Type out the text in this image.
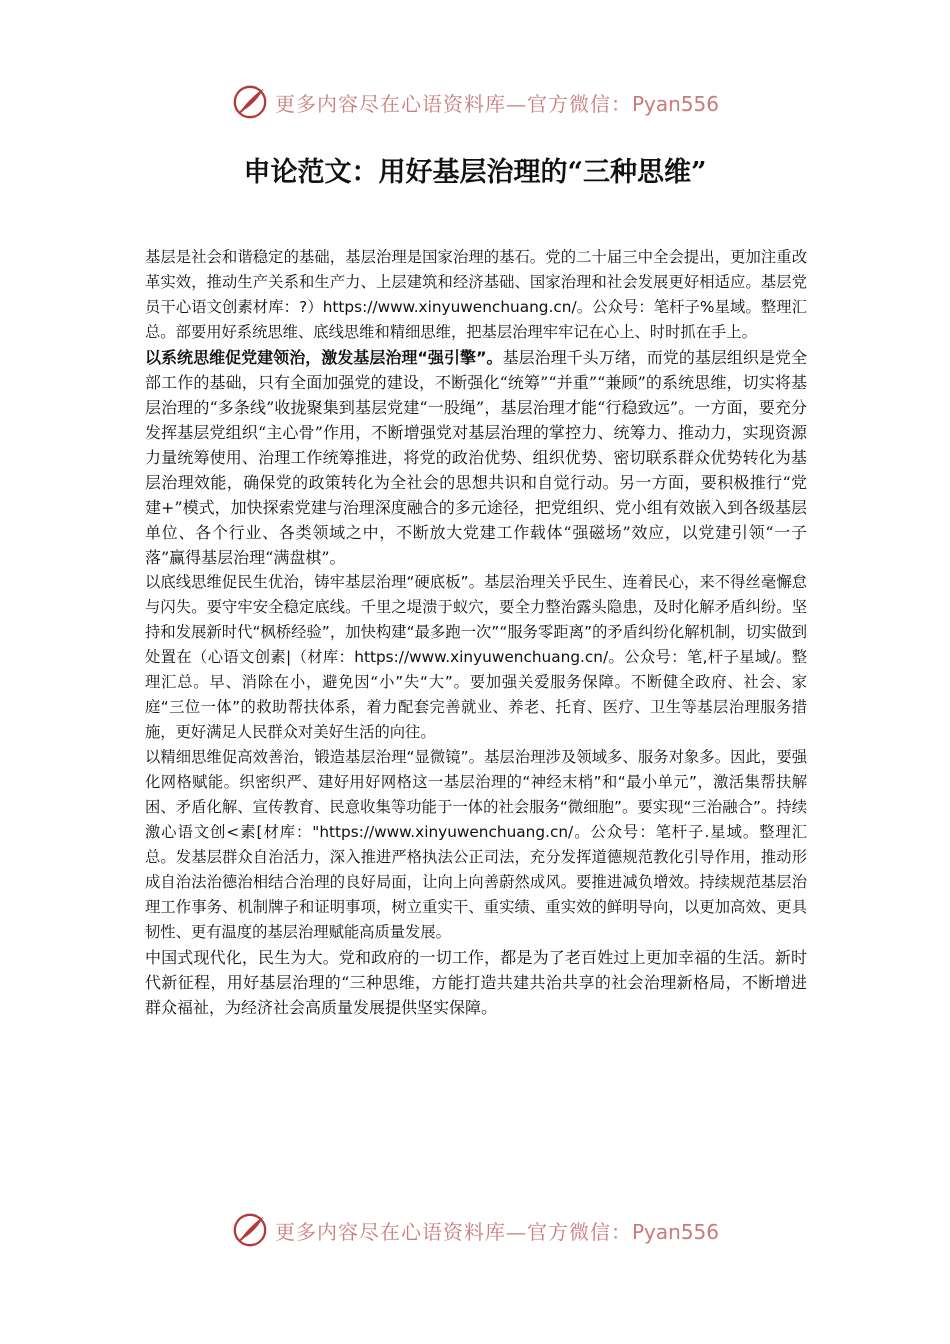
更多内容尽在心语资料库—官方微信：Pyan556
申论范文：用好基层治理的“三种思维”

基层是社会和谐稳定的基础，基层治理是国家治理的基石。党的二十届三中全会提出，更加注重改革实效，推动生产关系和生产力、上层建筑和经济基础、国家治理和社会发展更好相适应。基层党员干心语文创素材库：?）https://www.xinyuwenchuang.cn/。公众号：笔杆子%星域。整理汇总。部要用好系统思维、底线思维和精细思维，把基层治理牢牢记在心上、时时抓在手上。

以系统思维促党建领治，激发基层治理“强引擎”。基层治理千头万绪，而党的基层组织是党全部工作的基础，只有全面加强党的建设，不断强化“统筹”“并重”“兼顾”的系统思维，切实将基层治理的“多条线”收拢聚集到基层党建“一股绳”，基层治理才能“行稳致远”。一方面，要充分发挥基层党组织“主心骨”作用，不断增强党对基层治理的掌控力、统筹力、推动力，实现资源力量统筹使用、治理工作统筹推进，将党的政治优势、组织优势、密切联系群众优势转化为基层治理效能，确保党的政策转化为全社会的思想共识和自觉行动。另一方面，要积极推行“党建+”模式，加快探索党建与治理深度融合的多元途径，把党组织、党小组有效嵌入到各级基层单位、各个行业、各类领域之中，不断放大党建工作载体“强磁场”效应，以党建引领“一子落”赢得基层治理“满盘棋”。

以底线思维促民生优治，铸牢基层治理“硬底板”。基层治理关乎民生、连着民心，来不得丝毫懈怠与闪失。要守牢安全稳定底线。千里之堤溃于蚁穴，要全力整治露头隐患，及时化解矛盾纠纷。坚持和发展新时代“枫桥经验”，加快构建“最多跑一次”“服务零距离”的矛盾纠纷化解机制，切实做到处置在（心语文创素|（材库：https://www.xinyuwenchuang.cn/。公众号：笔,杆子星域/。整理汇总。早、消除在小，避免因“小”失“大”。要加强关爱服务保障。不断健全政府、社会、家庭“三位一体”的救助帮扶体系，着力配套完善就业、养老、托育、医疗、卫生等基层治理服务措施，更好满足人民群众对美好生活的向往。

以精细思维促高效善治，锻造基层治理“显微镜”。基层治理涉及领域多、服务对象多。因此，要强化网格赋能。织密织严、建好用好网格这一基层治理的“神经末梢”和“最小单元”，激活集帮扶解困、矛盾化解、宣传教育、民意收集等功能于一体的社会服务“微细胞”。要实现“三治融合”。持续激心语文创<素[材库："https://www.xinyuwenchuang.cn/。公众号：笔杆子.星域。整理汇总。发基层群众自治活力，深入推进严格执法公正司法，充分发挥道德规范教化引导作用，推动形成自治法治德治相结合治理的良好局面，让向上向善蔚然成风。要推进减负增效。持续规范基层治理工作事务、机制牌子和证明事项，树立重实干、重实绩、重实效的鲜明导向，以更加高效、更具韧性、更有温度的基层治理赋能高质量发展。

中国式现代化，民生为大。党和政府的一切工作，都是为了老百姓过上更加幸福的生活。新时代新征程，用好基层治理的“三种思维，方能打造共建共治共享的社会治理新格局，不断增进群众福祉，为经济社会高质量发展提供坚实保障。

更多内容尽在心语资料库—官方微信：Pyan556
